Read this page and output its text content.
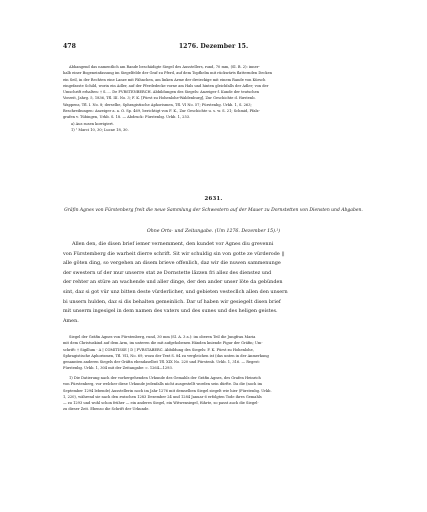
478	1276. Dezember 15.

Abhangend das namentlich am Rande beschädigte Siegel des Ausstellers, rund, 70 mm, (Sl. B. 2): inner-

halb einer Bogeneinfassung im Siegelfelde der Graf zu Pferd, auf dem Topfhelm mit rückwärts flatternden Decken

ein Seil, in der Rechten eine Lanze mit Fähnchen, am linken Arme der dreieckige mit einem Rande von Kürsch

eingefasste Schild, worin ein Adler, auf der Pferdedecke vorne am Hals und hinten gleichfalls der Adler; von der

Umschrift erhalten: † S..... De FVRSTENBERCH. Abbildungen des Siegels: Anzeiger f. Kunde der teutschen

Vorzeit, Jahrg. 5, 1836, Tfl. III. No. 3; F. K. [Fürst zu Hohenlohe-Waldenburg], Zur Geschichte d. fürstenb.

Wappens, Tfl. I. No. 8; derselbe, Sphragistische Aphorismen, Tfl. VI No. 57; Fürstenbg. Urkb. 1, S. 263;

Beschreibungen: Anzeiger a. a. O. Sp. 469, berichtigt von F. K., Zur Geschichte u. s. w. S. 21; Schmid, Pfalz-

grafen v. Tübingen, Urkb. S. 18. — Abdruck: Fürstenbg. Urkb. 1, 253.

a) Aus susen korrigiert.

1) ¹ Marci 10, 30; Lucae 18, 30.

2631.
Gräfin Agnes von Fürstenberg freit die neue Sammlung der Schwestern auf der Mauer zu Dornstetten von Diensten und Abgaben.
Ohne Orts- und Zeitangabe. (Um 1276. Dezember 15).¹)

Allen den, die disen brief iemer vernemment, den kundet vor Agnes diu grevenni

von Fürstemberg die warheit dierre schrift. Sit wir schuldig sin von gotte ze vürderode ||

alle göten ding, so vergehen an disem brieve offenlich, daz wir die nuwen sammenunge

der swestern uf der mur unserre stat ze Dornstette lâzzen fri allez des dienstez und

der rehter an stüre an wachende und aller dinge, der den ander unser löte da gebünden

sint, daz si got vür unz bitten deste vürderlicher, und gebieten vestecllch allen den unsern

bi unsern hulden, daz si dis behalten gemeinlich. Dar uf haben wir gesiegelt disen brief

mit unserm ingesigel in dem namen des vaters und des sunes und des heligen geistes.

Amen.

Siegel der Gräfin Agnes von Fürstenberg, rund, 30 mm (Sl. A. 3 a.): im oberen Teil die Jungfrau Maria

mit dem Christuskind auf dem Arm, im unteren die mit aufgehobenen Händen kniende Figur der Gräfin; Um-

schrift: † Sigillum · A | COMITISSE | D | FVRSTABERC. Abbildung des Siegels: F. K. Fürst zu Hohenlohe,

Sphragistische Aphorismen, Tfl. VII, No. 69, wozu der Text S. 84 zu vergleichen ist (das unten in der Anmerkung

genannten anderen Siegels der Gräfin ebendaselbst Tfl. XIX No. 220 und Fürstenb. Urkb. 1, 316. — Regest:

Fürstenbg. Urkb. 1, 304 mit der Zeitangabe: c. 1264—1293.

1) Die Datierung nach der vorhergehenden Urkunde des Gemahls der Gräfin Agnes, des Grafen Heinrich

von Fürstenberg, vor welcher diese Urkunde jedenfalls nicht ausgestellt worden sein dürfte. Da die (noch im

September 1294 lebende) Ausstellerin noch im Jahr 1276 mit demselben Siegel siegelt wie hier (Fürstenbg. Urkb.

1, 220), während sie nach den zwischen 1283 Dezember 24 und 1284 Januar 6 erfolgten Tode ihres Gemahls

— zu 1293 und wohl schon früher — ein anderes Siegel, ein Witwensiegel, führte, so passt auch die Siegel-

zu dieser Zeit. Ebenso die Schrift der Urkunde.
